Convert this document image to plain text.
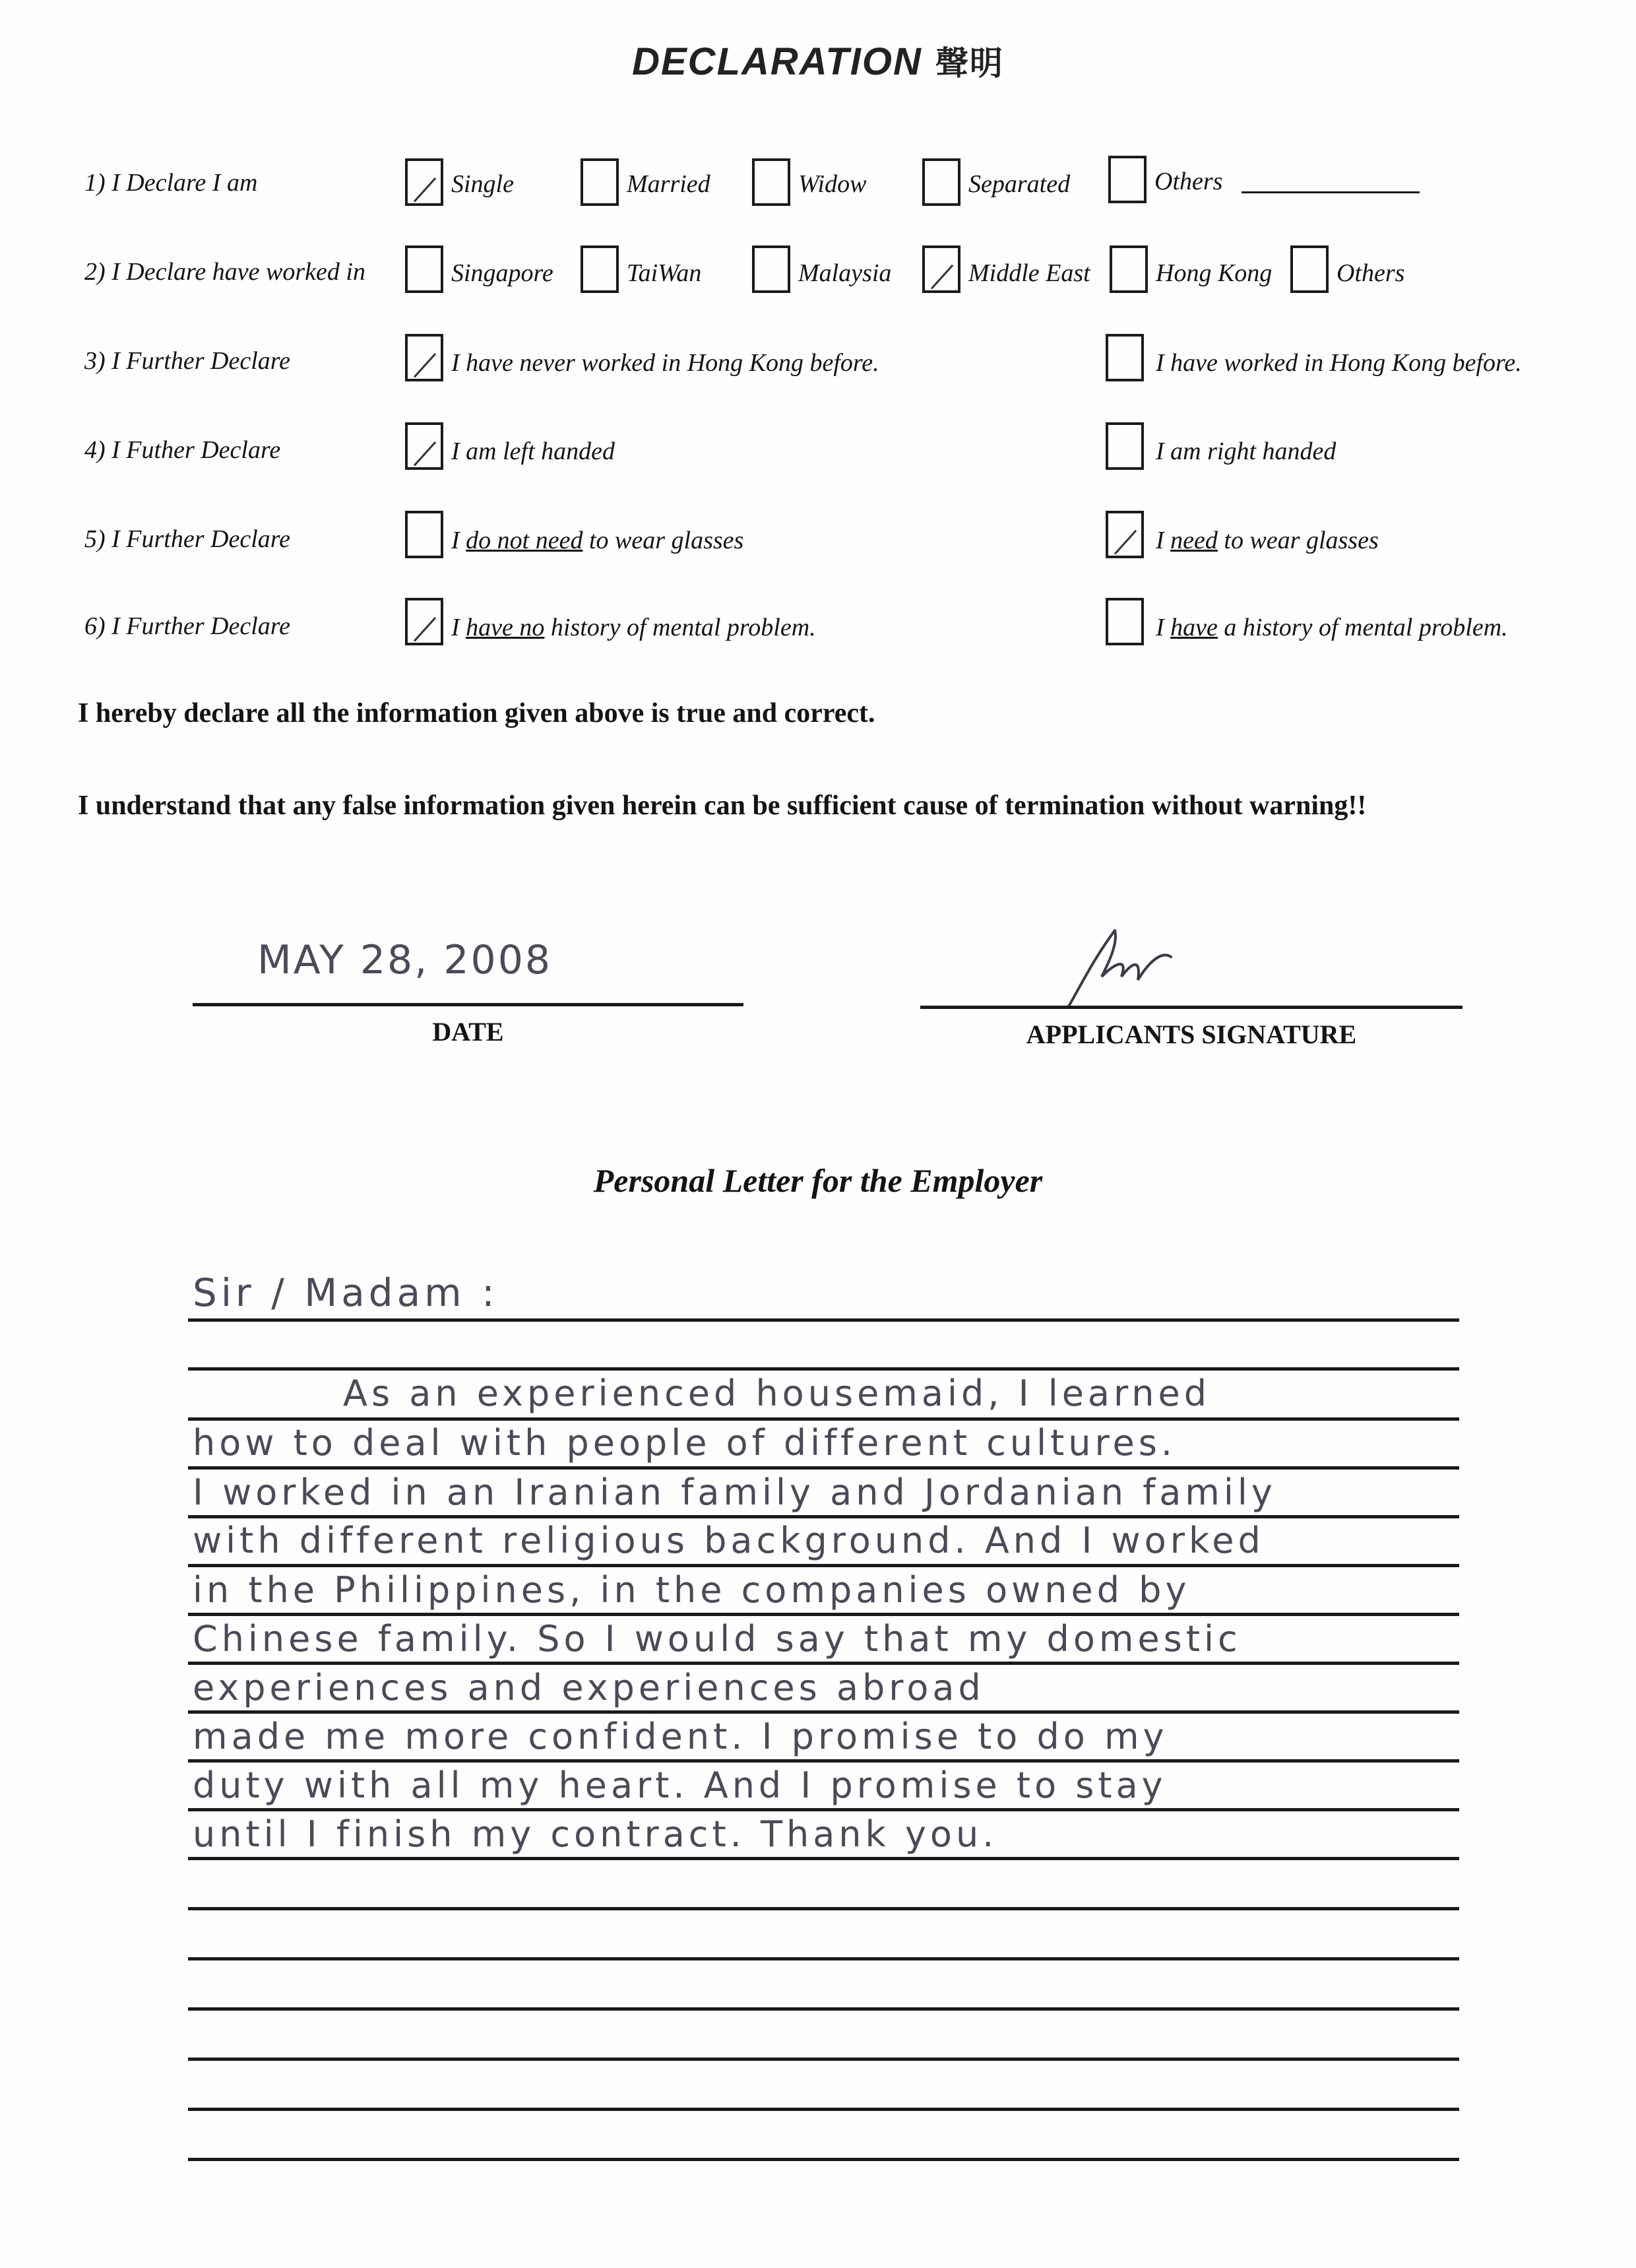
DECLARATION 聲明
1) I Declare I am	Single	Married	Widow	Separated	Others
2) I Declare have worked in	Singapore	TaiWan	Malaysia	Middle East	Hong Kong	Others
3) I Further Declare	I have never worked in Hong Kong before.	I have worked in Hong Kong before.
4) I Futher Declare	I am left handed	I am right handed
5) I Further Declare	I do not need to wear glasses	I need to wear glasses
6) I Further Declare	I have no history of mental problem.	I have a history of mental problem.
I hereby declare all the information given above is true and correct.
I understand that any false information given herein can be sufficient cause of termination without warning!!
MAY 28, 2008
DATE	APPLICANTS SIGNATURE
Personal Letter for the Employer
Sir / Madam :
As an experienced housemaid, I learned
how to deal with people of different cultures.
I worked in an Iranian family and Jordanian family
with different religious background. And I worked
in the Philippines, in the companies owned by
Chinese family. So I would say that my domestic
experiences and experiences abroad
made me more confident. I promise to do my
duty with all my heart. And I promise to stay
until I finish my contract. Thank you.
